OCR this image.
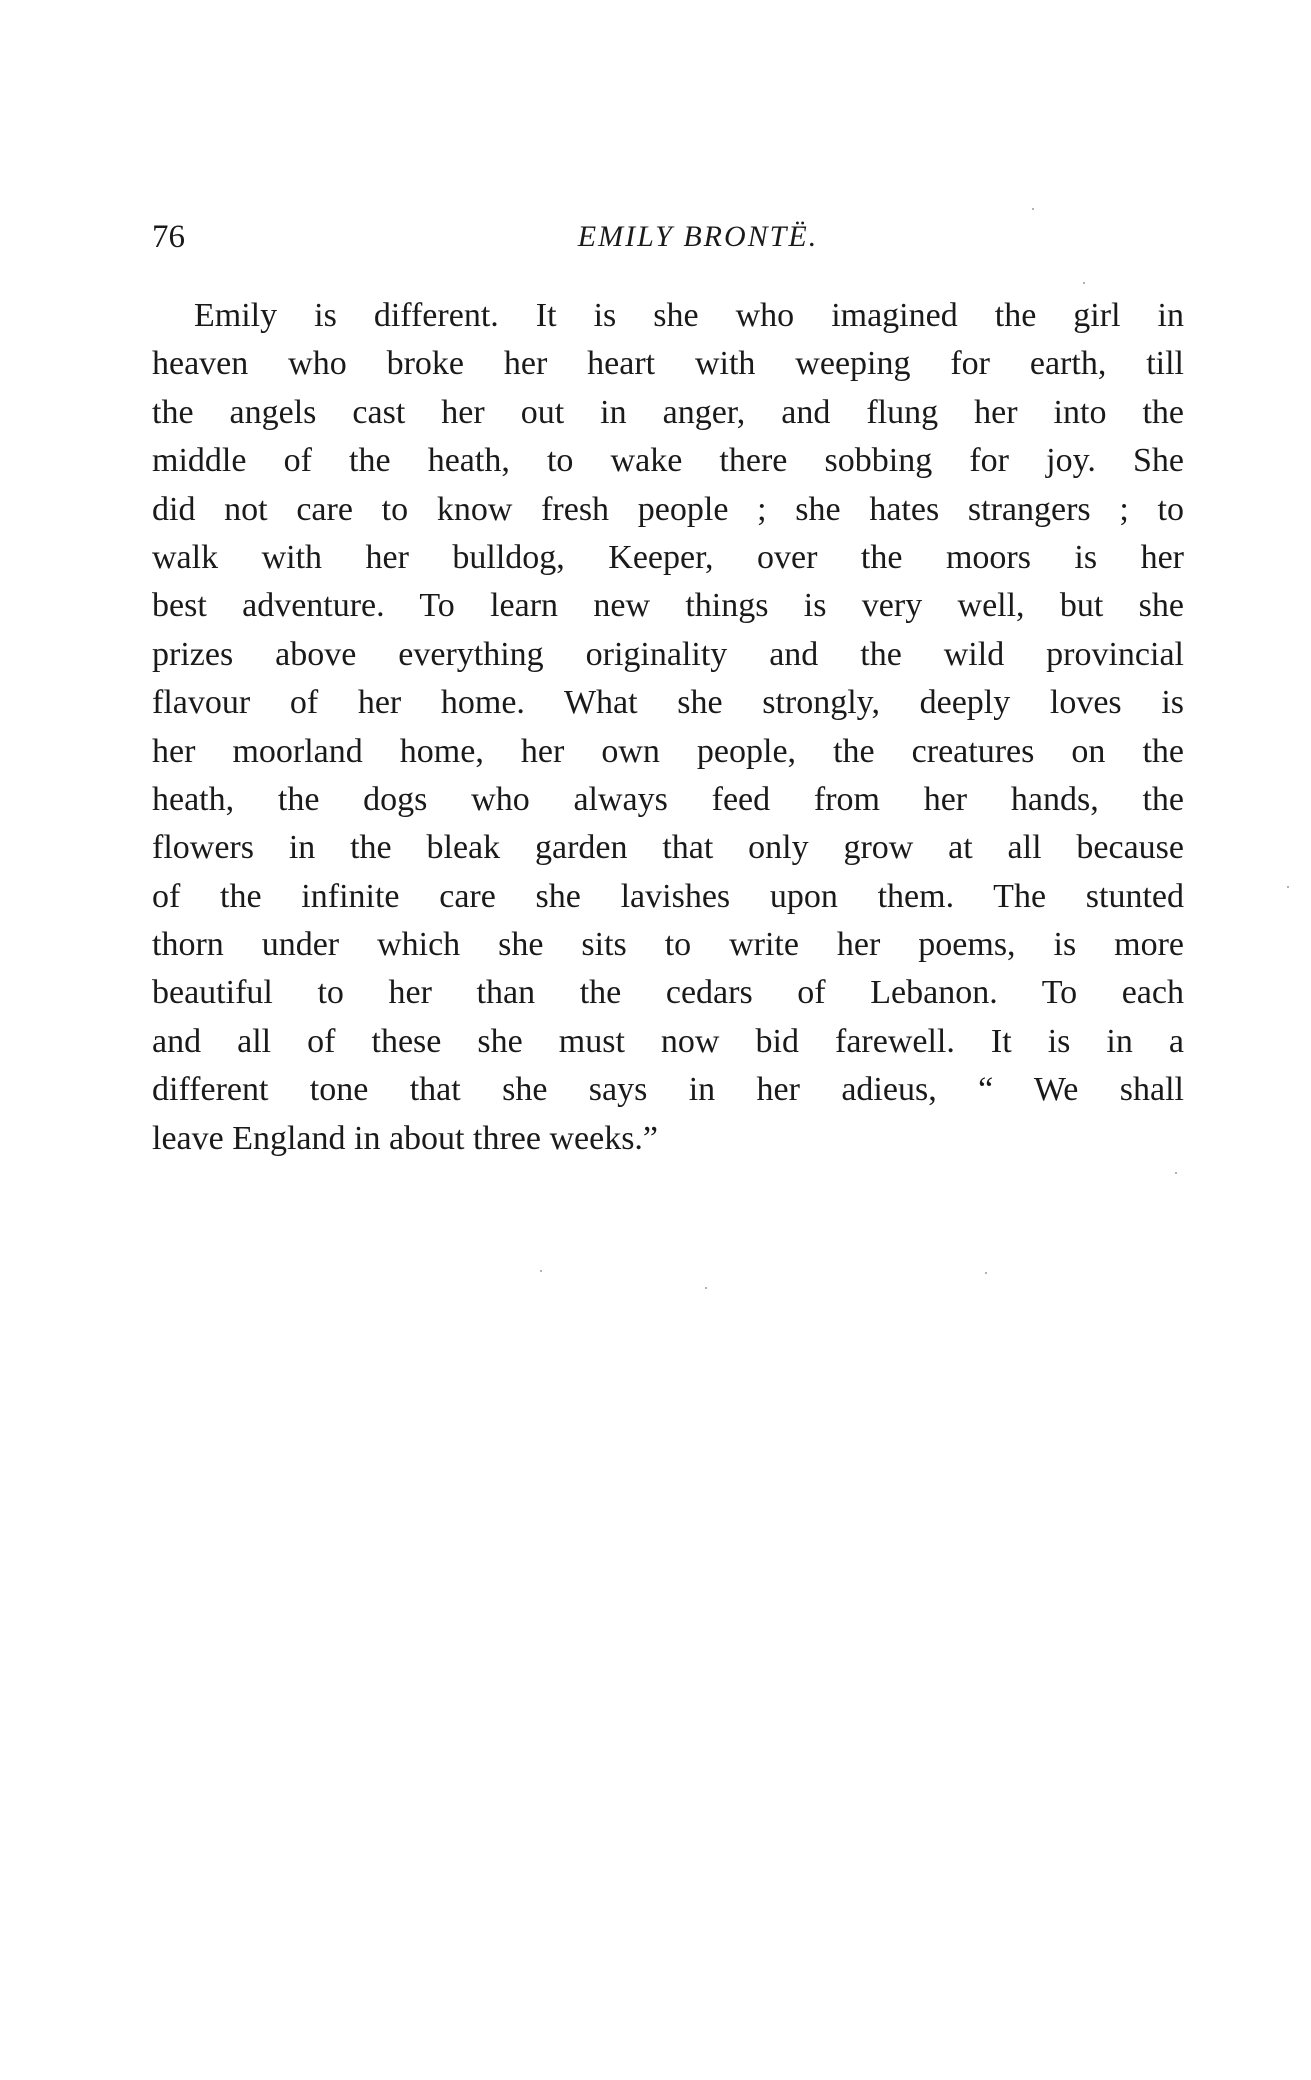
76	EMILY BRONTË.
Emily is different. It is she who imagined the girl in
heaven who broke her heart with weeping for earth, till
the angels cast her out in anger, and flung her into the
middle of the heath, to wake there sobbing for joy. She
did not care to know fresh people ; she hates strangers ; to
walk with her bulldog, Keeper, over the moors is her
best adventure. To learn new things is very well, but she
prizes above everything originality and the wild provincial
flavour of her home. What she strongly, deeply loves is
her moorland home, her own people, the creatures on the
heath, the dogs who always feed from her hands, the
flowers in the bleak garden that only grow at all because
of the infinite care she lavishes upon them. The stunted
thorn under which she sits to write her poems, is more
beautiful to her than the cedars of Lebanon. To each
and all of these she must now bid farewell. It is in a
different tone that she says in her adieus, “ We shall
leave England in about three weeks.”
